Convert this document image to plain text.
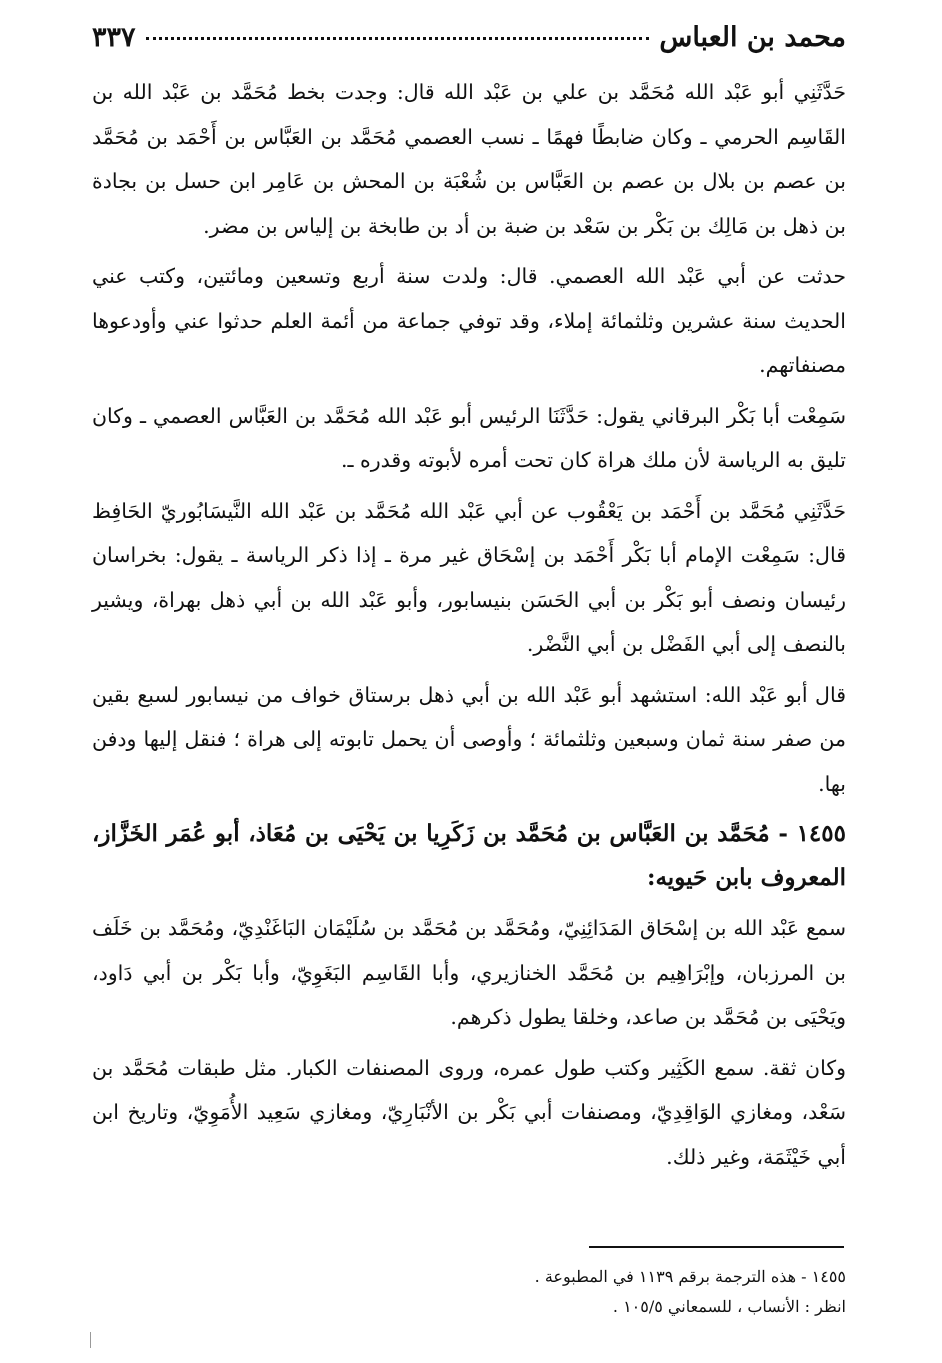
محمد بن العباس
٣٣٧

حَدَّثَنِي أبو عَبْد الله مُحَمَّد بن علي بن عَبْد الله قال: وجدت بخط مُحَمَّد بن عَبْد الله بن القَاسِم الحرمي ـ وكان ضابطًا فهمًا ـ نسب العصمي مُحَمَّد بن العَبَّاس بن أَحْمَد بن مُحَمَّد بن عصم بن بلال بن عصم بن العَبَّاس بن شُعْبَة بن المحش بن عَامِر ابن حسل بن بجادة بن ذهل بن مَالِك بن بَكْر بن سَعْد بن ضبة بن أد بن طابخة بن إلياس بن مضر.

حدثت عن أبي عَبْد الله العصمي. قال: ولدت سنة أربع وتسعين ومائتين، وكتب عني الحديث سنة عشرين وثلثمائة إملاء، وقد توفي جماعة من أئمة العلم حدثوا عني وأودعوها مصنفاتهم.

سَمِعْت أبا بَكْر البرقاني يقول: حَدَّثَنَا الرئيس أبو عَبْد الله مُحَمَّد بن العَبَّاس العصمي ـ وكان تليق به الرياسة لأن ملك هراة كان تحت أمره لأبوته وقدره ـ.

حَدَّثَنِي مُحَمَّد بن أَحْمَد بن يَعْقُوب عن أبي عَبْد الله مُحَمَّد بن عَبْد الله النَّيسَابُوريّ الحَافِظ قال: سَمِعْت الإمام أبا بَكْر أَحْمَد بن إسْحَاق غير مرة ـ إذا ذكر الرياسة ـ يقول: بخراسان رئيسان ونصف أبو بَكْر بن أبي الحَسَن بنيسابور، وأبو عَبْد الله بن أبي ذهل بهراة، ويشير بالنصف إلى أبي الفَضْل بن أبي النَّضْر.

قال أبو عَبْد الله: استشهد أبو عَبْد الله بن أبي ذهل برستاق خواف من نيسابور لسبع بقين من صفر سنة ثمان وسبعين وثلثمائة ؛ وأوصى أن يحمل تابوته إلى هراة ؛ فنقل إليها ودفن بها.

١٤٥٥ - مُحَمَّد بن العَبَّاس بن مُحَمَّد بن زَكَرِيا بن يَحْيَى بن مُعَاذ، أبو عُمَر الخَزَّاز، المعروف بابن حَيويه:

سمع عَبْد الله بن إسْحَاق المَدَائِنِيّ، ومُحَمَّد بن مُحَمَّد بن سُلَيْمَان البَاغَنْدِيّ، ومُحَمَّد بن خَلَف بن المرزبان، وإبْرَاهِيم بن مُحَمَّد الخنازيري، وأبا القَاسِم البَغَوِيّ، وأبا بَكْر بن أبي دَاود، ويَحْيَى بن مُحَمَّد بن صاعد، وخلقا يطول ذكرهم.

وكان ثقة. سمع الكَثِير وكتب طول عمره، وروى المصنفات الكبار. مثل طبقات مُحَمَّد بن سَعْد، ومغازي الوَاقِدِيّ، ومصنفات أبي بَكْر بن الأنْبَارِيّ، ومغازي سَعِيد الأُمَوِيّ، وتاريخ ابن أبي خَيْثَمَة، وغير ذلك.

١٤٥٥ - هذه الترجمة برقم ١١٣٩ في المطبوعة .

انظر : الأنساب ، للسمعاني ١٠٥/٥ .
